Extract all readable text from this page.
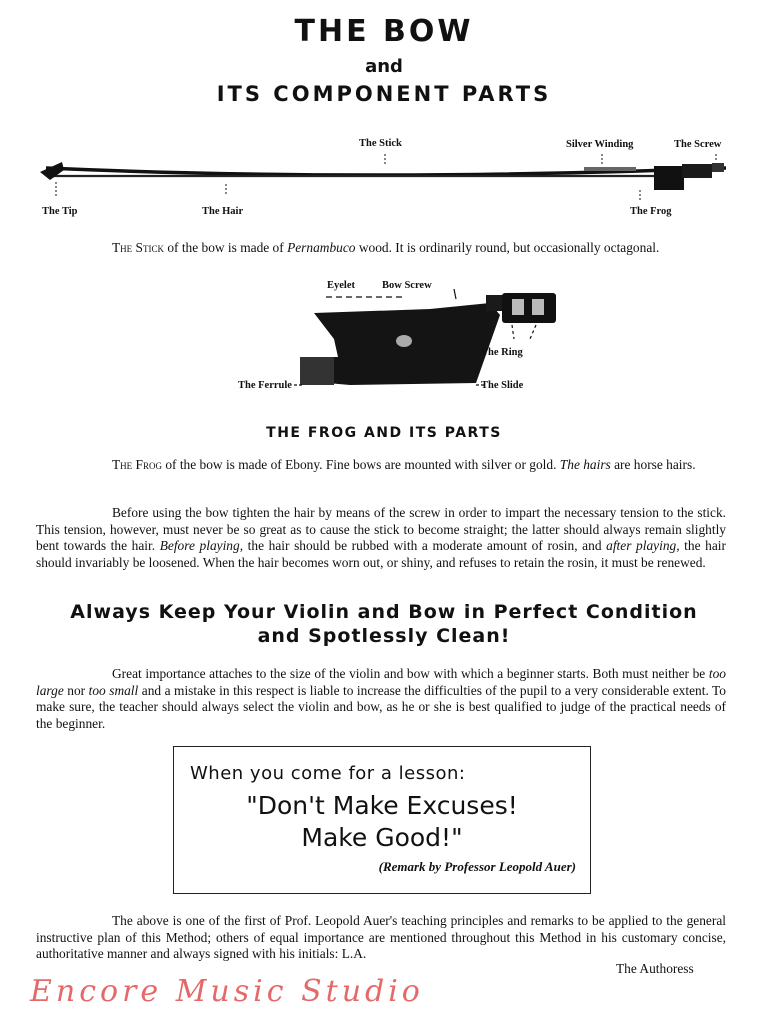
THE BOW
and
ITS COMPONENT PARTS
The Stick	Silver Winding	The Screw
The Tip	The Hair	The Frog
The Stick of the bow is made of Pernambuco wood. It is ordinarily round, but occasionally octagonal.
Eyelet	Bow Screw
The Ring
The Ferrule	The Slide
THE FROG AND ITS PARTS
The Frog of the bow is made of Ebony. Fine bows are mounted with silver or gold. The hairs are horse hairs.
Before using the bow tighten the hair by means of the screw in order to impart the necessary tension to the stick. This tension, however, must never be so great as to cause the stick to become straight; the latter should always remain slightly bent towards the hair. Before playing, the hair should be rubbed with a moderate amount of rosin, and after playing, the hair should invariably be loosened. When the hair becomes worn out, or shiny, and refuses to retain the rosin, it must be renewed.
Always Keep Your Violin and Bow in Perfect Condition
and Spotlessly Clean!
Great importance attaches to the size of the violin and bow with which a beginner starts. Both must neither be too large nor too small and a mistake in this respect is liable to increase the difficulties of the pupil to a very considerable extent. To make sure, the teacher should always select the violin and bow, as he or she is best qualified to judge of the practical needs of the beginner.
When you come for a lesson:
"Don't Make Excuses!
Make Good!"
(Remark by Professor Leopold Auer)
The above is one of the first of Prof. Leopold Auer's teaching principles and remarks to be applied to the general instructive plan of this Method; others of equal importance are mentioned throughout this Method in his customary concise, authoritative manner and always signed with his initials: L.A.
The Authoress
Encore Music Studio
